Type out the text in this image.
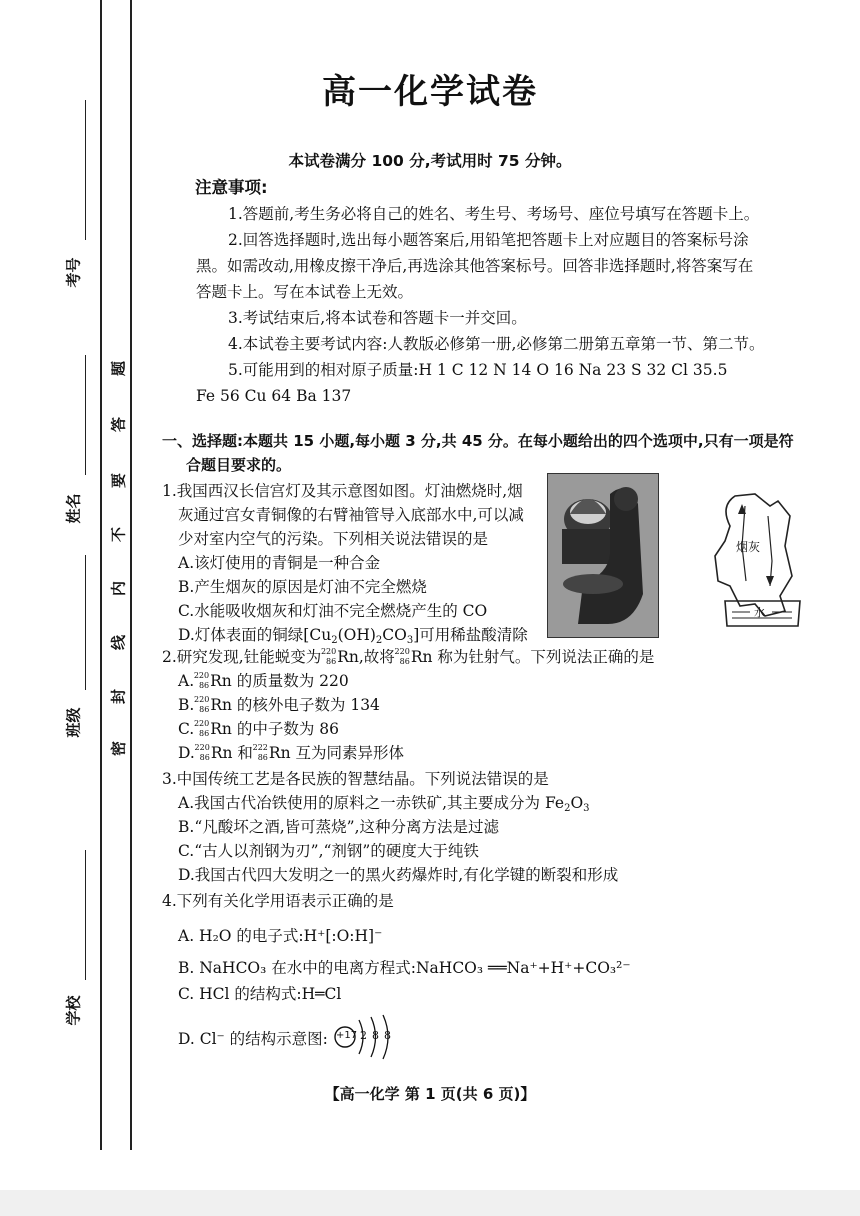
考号
姓名
班级
学校
题
答
要
不
内
线
封
密
高一化学试卷
本试卷满分 100 分,考试用时 75 分钟。
注意事项:
1.答题前,考生务必将自己的姓名、考生号、考场号、座位号填写在答题卡上。
2.回答选择题时,选出每小题答案后,用铅笔把答题卡上对应题目的答案标号涂
黑。如需改动,用橡皮擦干净后,再选涂其他答案标号。回答非选择题时,将答案写在
答题卡上。写在本试卷上无效。
3.考试结束后,将本试卷和答题卡一并交回。
4.本试卷主要考试内容:人教版必修第一册,必修第二册第五章第一节、第二节。
5.可能用到的相对原子质量:H 1 C 12 N 14 O 16 Na 23 S 32 Cl 35.5
Fe 56 Cu 64 Ba 137
一、选择题:本题共 15 小题,每小题 3 分,共 45 分。在每小题给出的四个选项中,只有一项是符
合题目要求的。
1.我国西汉长信宫灯及其示意图如图。灯油燃烧时,烟
灰通过宫女青铜像的右臂袖管导入底部水中,可以减
少对室内空气的污染。下列相关说法错误的是
A.该灯使用的青铜是一种合金
B.产生烟灰的原因是灯油不完全燃烧
C.水能吸收烟灰和灯油不完全燃烧产生的 CO
D.灯体表面的铜绿$[Cu_2(OH)_2CO_3]$可用稀盐酸清除
烟灰
水
2.研究发现,钍能蜕变为 220
86 Rn,故将 220
86 Rn 称为钍射气。下列说法正确的是
A. 220
86 Rn 的质量数为 220
B. 220
86 Rn 的核外电子数为 134
C. 220
86 Rn 的中子数为 86
D. 220
86 Rn 和 222
86 Rn 互为同素异形体
3.中国传统工艺是各民族的智慧结晶。下列说法错误的是
A.我国古代冶铁使用的原料之一赤铁矿,其主要成分为 $Fe_2O_3$
B.“凡酸坏之酒,皆可蒸烧”,这种分离方法是过滤
C.“古人以剂钢为刃”,“剂钢”的硬度大于纯铁
D.我国古代四大发明之一的黑火药爆炸时,有化学键的断裂和形成
4.下列有关化学用语表示正确的是
A. H₂O 的电子式:H⁺[:O:H]⁻
B. NaHCO₃ 在水中的电离方程式:NaHCO₃ ══Na⁺+H⁺+CO₃²⁻
C. HCl 的结构式:H═Cl
D. Cl⁻ 的结构示意图: +17 2 8 8
【高一化学 第 1 页(共 6 页)】
